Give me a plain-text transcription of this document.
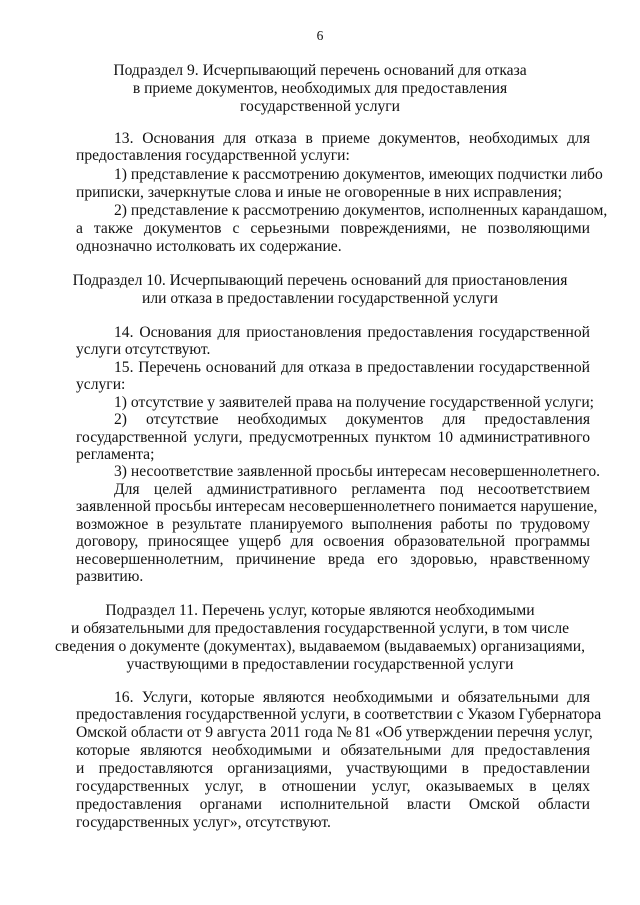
6
Подраздел 9. Исчерпывающий перечень оснований для отказа
в приеме документов, необходимых для предоставления
государственной услуги
13. Основания для отказа в приеме документов, необходимых для
предоставления государственной услуги:
1) представление к рассмотрению документов, имеющих подчистки либо
приписки, зачеркнутые слова и иные не оговоренные в них исправления;
2) представление к рассмотрению документов, исполненных карандашом,
а также документов с серьезными повреждениями, не позволяющими
однозначно истолковать их содержание.
Подраздел 10. Исчерпывающий перечень оснований для приостановления
или отказа в предоставлении государственной услуги
14. Основания для приостановления предоставления государственной
услуги отсутствуют.
15. Перечень оснований для отказа в предоставлении государственной
услуги:
1) отсутствие у заявителей права на получение государственной услуги;
2) отсутствие необходимых документов для предоставления
государственной услуги, предусмотренных пунктом 10 административного
регламента;
3) несоответствие заявленной просьбы интересам несовершеннолетнего.
Для целей административного регламента под несоответствием
заявленной просьбы интересам несовершеннолетнего понимается нарушение,
возможное в результате планируемого выполнения работы по трудовому
договору, приносящее ущерб для освоения образовательной программы
несовершеннолетним, причинение вреда его здоровью, нравственному
развитию.
Подраздел 11. Перечень услуг, которые являются необходимыми
и обязательными для предоставления государственной услуги, в том числе
сведения о документе (документах), выдаваемом (выдаваемых) организациями,
участвующими в предоставлении государственной услуги
16. Услуги, которые являются необходимыми и обязательными для
предоставления государственной услуги, в соответствии с Указом Губернатора
Омской области от 9 августа 2011 года № 81 «Об утверждении перечня услуг,
которые являются необходимыми и обязательными для предоставления
и предоставляются организациями, участвующими в предоставлении
государственных услуг, в отношении услуг, оказываемых в целях
предоставления органами исполнительной власти Омской области
государственных услуг», отсутствуют.
